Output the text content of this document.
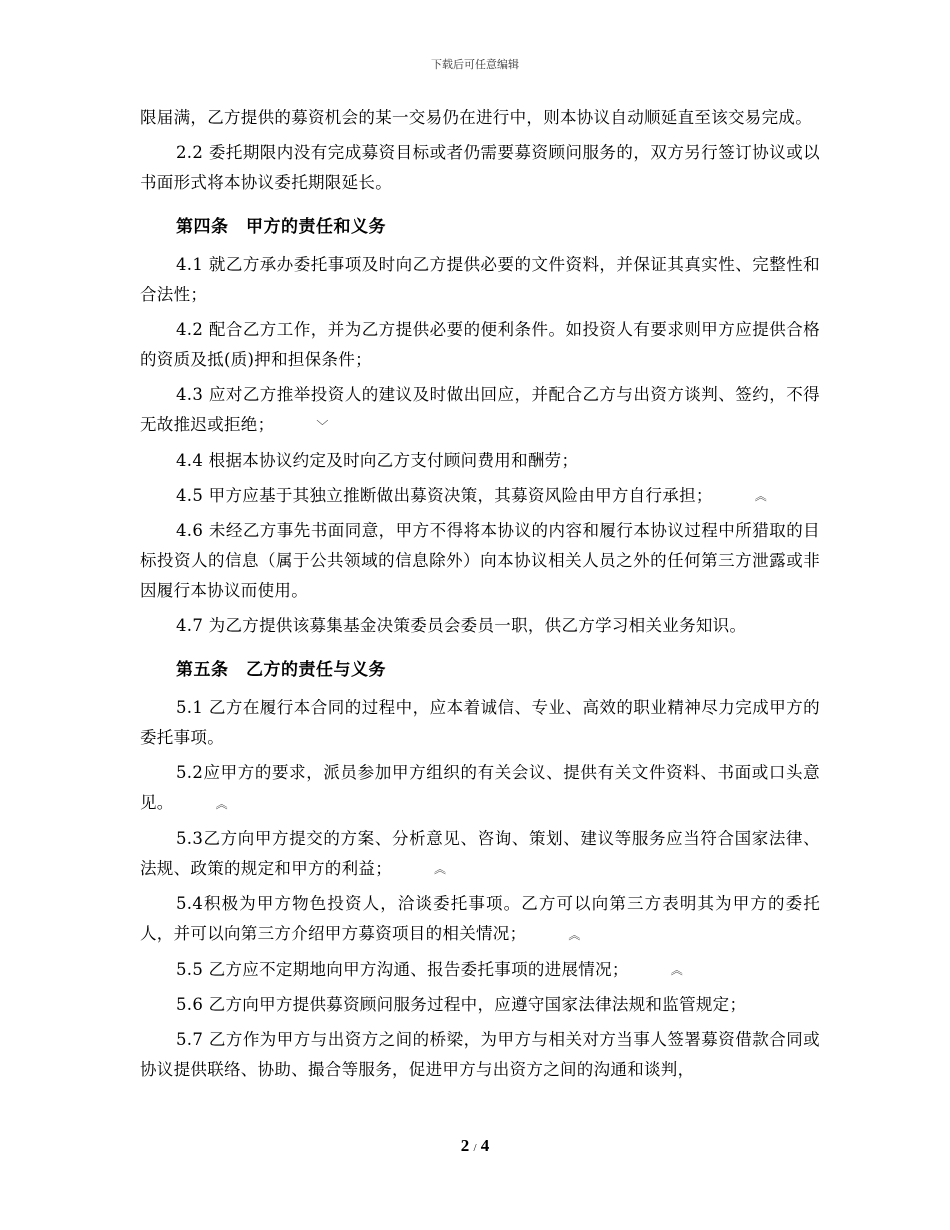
下载后可任意编辑
限届满，乙方提供的募资机会的某一交易仍在进行中，则本协议自动顺延直至该交易完成。
2.2 委托期限内没有完成募资目标或者仍需要募资顾问服务的，双方另行签订协议或以书面形式将本协议委托期限延长。
第四条　甲方的责任和义务
4.1 就乙方承办委托事项及时向乙方提供必要的文件资料，并保证其真实性、完整性和合法性；
4.2 配合乙方工作，并为乙方提供必要的便利条件。如投资人有要求则甲方应提供合格的资质及抵(质)押和担保条件；
4.3 应对乙方推举投资人的建议及时做出回应，并配合乙方与出资方谈判、签约，不得无故推迟或拒绝；	﹀
4.4 根据本协议约定及时向乙方支付顾问费用和酬劳；
4.5 甲方应基于其独立推断做出募资决策，其募资风险由甲方自行承担；	︽
4.6 未经乙方事先书面同意，甲方不得将本协议的内容和履行本协议过程中所猎取的目标投资人的信息（属于公共领域的信息除外）向本协议相关人员之外的任何第三方泄露或非因履行本协议而使用。
4.7 为乙方提供该募集基金决策委员会委员一职，供乙方学习相关业务知识。
第五条　乙方的责任与义务
5.1 乙方在履行本合同的过程中，应本着诚信、专业、高效的职业精神尽力完成甲方的委托事项。
5.2应甲方的要求，派员参加甲方组织的有关会议、提供有关文件资料、书面或口头意见。	︽
5.3乙方向甲方提交的方案、分析意见、咨询、策划、建议等服务应当符合国家法律、法规、政策的规定和甲方的利益；	︽
5.4积极为甲方物色投资人，洽谈委托事项。乙方可以向第三方表明其为甲方的委托人，并可以向第三方介绍甲方募资项目的相关情况；	︽
5.5 乙方应不定期地向甲方沟通、报告委托事项的进展情况；	︽
5.6 乙方向甲方提供募资顾问服务过程中，应遵守国家法律法规和监管规定；
5.7 乙方作为甲方与出资方之间的桥梁，为甲方与相关对方当事人签署募资借款合同或协议提供联络、协助、撮合等服务，促进甲方与出资方之间的沟通和谈判，
2 / 4
